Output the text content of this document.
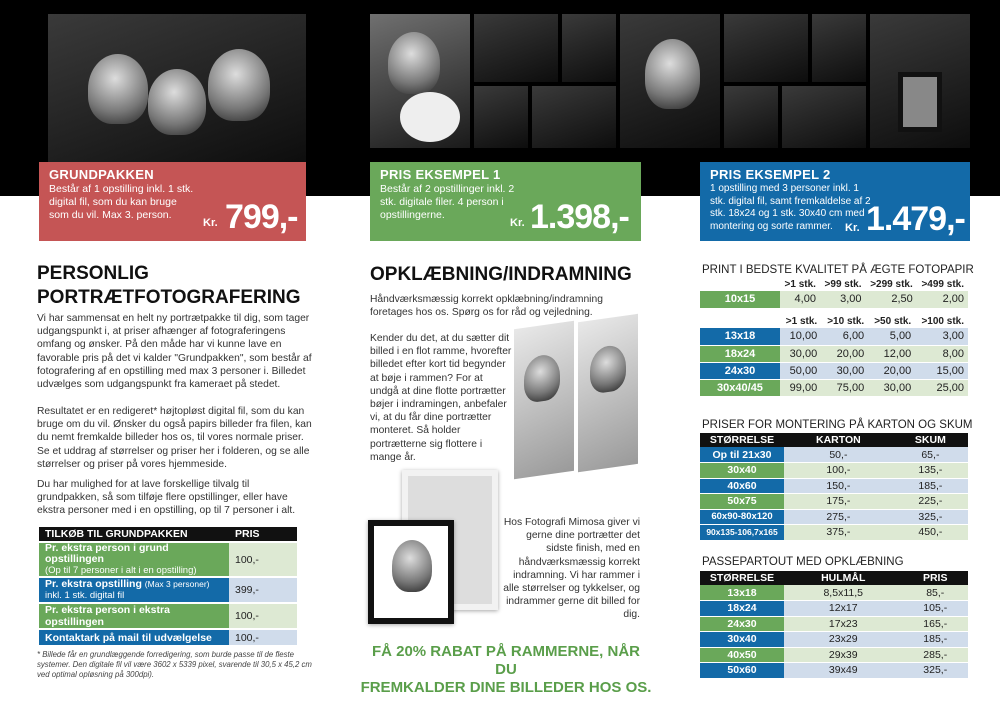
GRUNDPAKKEN
Består af 1 opstilling inkl. 1 stk. digital fil, som du kan bruge som du vil. Max 3. person.
Kr. 799,-
PRIS EKSEMPEL 1
Består af 2 opstillinger inkl. 2 stk. digitale filer. 4 person i opstillingerne.
Kr. 1.398,-
PRIS EKSEMPEL 2
1 opstilling med 3 personer inkl. 1 stk. digital fil, samt fremkaldelse af 2 stk. 18x24 og 1 stk. 30x40 cm med montering og sorte rammer.	Kr. 1.479,-
PERSONLIG
PORTRÆTFOTOGRAFERING
Vi har sammensat en helt ny portrætpakke til dig, som tager udgangspunkt i, at priser afhænger af fotograferingens omfang og ønsker. På den måde har vi kunne lave en favorable pris på det vi kalder "Grundpakken", som består af fotografering af en opstilling med max 3 personer i. Billedet udvælges som udgangspunkt fra kameraet på stedet.
Resultatet er en redigeret* højtopløst digital fil, som du kan bruge om du vil. Ønsker du også papirs billeder fra filen, kan du nemt fremkalde billeder hos os, til vores normale priser. Se et uddrag af størrelser og priser her i folderen, og se alle størrelser og priser på vores hjemmeside.
Du har mulighed for at lave forskellige tilvalg til grundpakken, så som tilføje flere opstillinger, eller have ekstra personer med i en opstilling, op til 7 personer i alt.
TILKØB TIL GRUNDPAKKEN	PRIS

Pr. ekstra person i grund opstillingen
(Op til 7 personer i alt i en opstilling)	100,-

Pr. ekstra opstilling (Max 3 personer)
inkl. 1 stk. digital fil	399,-
Pr. ekstra person i ekstra opstillingen	100,-
Kontaktark på mail til udvælgelse	100,-
* Billede får en grundlæggende forredigering, som burde passe til de fleste systemer. Den digitale fil vil være 3602 x 5339 pixel, svarende til 30,5 x 45,2 cm ved optimal opløsning på 300dpi).
OPKLÆBNING/INDRAMNING
Håndværksmæssig korrekt opklæbning/indramning foretages hos os. Spørg os for råd og vejledning.
Kender du det, at du sætter dit billed i en flot ramme, hvorefter billedet efter kort tid begynder at bøje i rammen? For at undgå at dine flotte portrætter bøjer i indramingen, anbefaler vi, at du får dine portrætter monteret. Så holder portrætterne sig flottere i mange år.
Hos Fotografi Mimosa giver vi gerne dine portrætter det sidste finish, med en håndværksmæssig korrekt indramning. Vi har rammer i alle størrelser og tykkelser, og indrammer gerne dit billed for dig.
FÅ 20% RABAT PÅ RAMMERNE, NÅR DU
FREMKALDER DINE BILLEDER HOS OS.
PRINT I BEDSTE KVALITET PÅ ÆGTE FOTOPAPIR
	>1 stk.	>99 stk.	>299 stk.	>499 stk.
10x15	4,00	3,00	2,50	2,00
	>1 stk.	>10 stk.	>50 stk.	>100 stk.
13x18	10,00	6,00	5,00	3,00
18x24	30,00	20,00	12,00	8,00
24x30	50,00	30,00	20,00	15,00
30x40/45	99,00	75,00	30,00	25,00
PRISER FOR MONTERING PÅ KARTON OG SKUM
STØRRELSE	KARTON	SKUM
Op til 21x30	50,-	65,-
30x40	100,-	135,-
40x60	150,-	185,-
50x75	175,-	225,-
60x90-80x120	275,-	325,-
90x135-106,7x165	375,-	450,-
PASSEPARTOUT MED OPKLÆBNING
STØRRELSE	HULMÅL	PRIS
13x18	8,5x11,5	85,-
18x24	12x17	105,-
24x30	17x23	165,-
30x40	23x29	185,-
40x50	29x39	285,-
50x60	39x49	325,-
